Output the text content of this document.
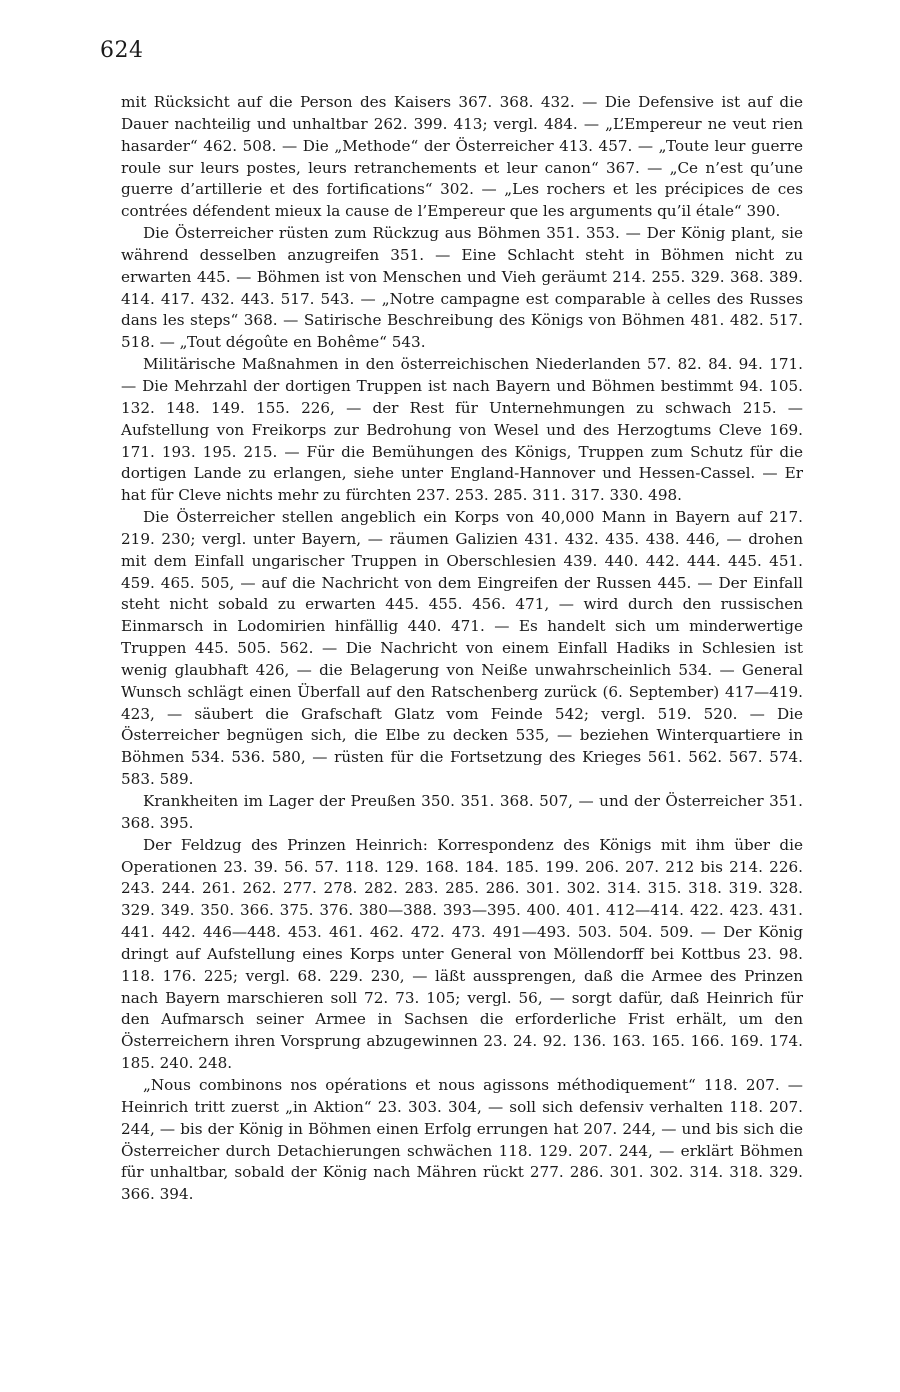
624

mit Rücksicht auf die Person des Kaisers 367. 368. 432. — Die Defensive ist auf die Dauer nachteilig und unhaltbar 262. 399. 413; vergl. 484. — „L’Empereur ne veut rien hasarder“ 462. 508. — Die „Methode“ der Österreicher 413. 457. — „Toute leur guerre roule sur leurs postes, leurs retranchements et leur canon“ 367. — „Ce n’est qu’une guerre d’artillerie et des fortifications“ 302. — „Les rochers et les précipices de ces contrées défendent mieux la cause de l’Empereur que les arguments qu’il étale“ 390.

Die Österreicher rüsten zum Rückzug aus Böhmen 351. 353. — Der König plant, sie während desselben anzugreifen 351. — Eine Schlacht steht in Böhmen nicht zu erwarten 445. — Böhmen ist von Menschen und Vieh geräumt 214. 255. 329. 368. 389. 414. 417. 432. 443. 517. 543. — „Notre campagne est comparable à celles des Russes dans les steps“ 368. — Satirische Beschreibung des Königs von Böhmen 481. 482. 517. 518. — „Tout dégoûte en Bohême“ 543.

Militärische Maßnahmen in den österreichischen Niederlanden 57. 82. 84. 94. 171. — Die Mehrzahl der dortigen Truppen ist nach Bayern und Böhmen bestimmt 94. 105. 132. 148. 149. 155. 226, — der Rest für Unternehmungen zu schwach 215. — Aufstellung von Freikorps zur Bedrohung von Wesel und des Herzogtums Cleve 169. 171. 193. 195. 215. — Für die Bemühungen des Königs, Truppen zum Schutz für die dortigen Lande zu erlangen, siehe unter England-Hannover und Hessen-Cassel. — Er hat für Cleve nichts mehr zu fürchten 237. 253. 285. 311. 317. 330. 498.

Die Österreicher stellen angeblich ein Korps von 40,000 Mann in Bayern auf 217. 219. 230; vergl. unter Bayern, — räumen Galizien 431. 432. 435. 438. 446, — drohen mit dem Einfall ungarischer Truppen in Oberschlesien 439. 440. 442. 444. 445. 451. 459. 465. 505, — auf die Nachricht von dem Eingreifen der Russen 445. — Der Einfall steht nicht sobald zu erwarten 445. 455. 456. 471, — wird durch den russischen Einmarsch in Lodomirien hinfällig 440. 471. — Es handelt sich um minderwertige Truppen 445. 505. 562. — Die Nachricht von einem Einfall Hadiks in Schlesien ist wenig glaubhaft 426, — die Belagerung von Neiße unwahrscheinlich 534. — General Wunsch schlägt einen Überfall auf den Ratschenberg zurück (6. September) 417—419. 423, — säubert die Grafschaft Glatz vom Feinde 542; vergl. 519. 520. — Die Österreicher begnügen sich, die Elbe zu decken 535, — beziehen Winterquartiere in Böhmen 534. 536. 580, — rüsten für die Fortsetzung des Krieges 561. 562. 567. 574. 583. 589.

Krankheiten im Lager der Preußen 350. 351. 368. 507, — und der Österreicher 351. 368. 395.

Der Feldzug des Prinzen Heinrich: Korrespondenz des Königs mit ihm über die Operationen 23. 39. 56. 57. 118. 129. 168. 184. 185. 199. 206. 207. 212 bis 214. 226. 243. 244. 261. 262. 277. 278. 282. 283. 285. 286. 301. 302. 314. 315. 318. 319. 328. 329. 349. 350. 366. 375. 376. 380—388. 393—395. 400. 401. 412—414. 422. 423. 431. 441. 442. 446—448. 453. 461. 462. 472. 473. 491—493. 503. 504. 509. — Der König dringt auf Aufstellung eines Korps unter General von Möllendorff bei Kottbus 23. 98. 118. 176. 225; vergl. 68. 229. 230, — läßt aussprengen, daß die Armee des Prinzen nach Bayern marschieren soll 72. 73. 105; vergl. 56, — sorgt dafür, daß Heinrich für den Aufmarsch seiner Armee in Sachsen die erforderliche Frist erhält, um den Österreichern ihren Vorsprung abzugewinnen 23. 24. 92. 136. 163. 165. 166. 169. 174. 185. 240. 248.

„Nous combinons nos opérations et nous agissons méthodiquement“ 118. 207. — Heinrich tritt zuerst „in Aktion“ 23. 303. 304, — soll sich defensiv verhalten 118. 207. 244, — bis der König in Böhmen einen Erfolg errungen hat 207. 244, — und bis sich die Österreicher durch Detachierungen schwächen 118. 129. 207. 244, — erklärt Böhmen für unhaltbar, sobald der König nach Mähren rückt 277. 286. 301. 302. 314. 318. 329. 366. 394.
